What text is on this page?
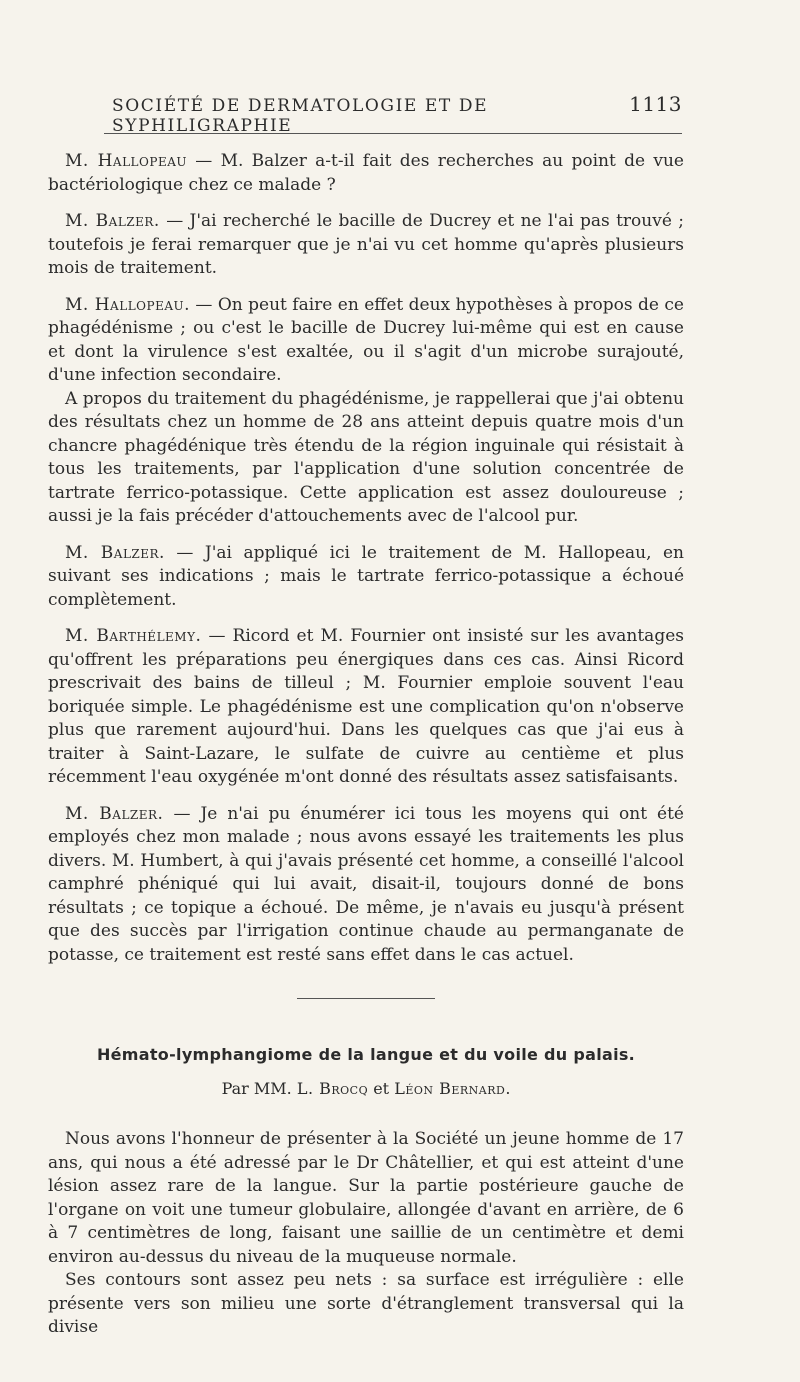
SOCIÉTÉ DE DERMATOLOGIE ET DE SYPHILIGRAPHIE
1113

M. Hallopeau — M. Balzer a-t-il fait des recherches au point de vue bactériologique chez ce malade ?

M. Balzer. — J'ai recherché le bacille de Ducrey et ne l'ai pas trouvé ; toutefois je ferai remarquer que je n'ai vu cet homme qu'après plusieurs mois de traitement.

M. Hallopeau. — On peut faire en effet deux hypothèses à propos de ce phagédénisme ; ou c'est le bacille de Ducrey lui-même qui est en cause et dont la virulence s'est exaltée, ou il s'agit d'un microbe surajouté, d'une infection secondaire.

A propos du traitement du phagédénisme, je rappellerai que j'ai obtenu des résultats chez un homme de 28 ans atteint depuis quatre mois d'un chancre phagédénique très étendu de la région inguinale qui résistait à tous les traitements, par l'application d'une solution concentrée de tartrate ferrico-potassique. Cette application est assez douloureuse ; aussi je la fais précéder d'attouchements avec de l'alcool pur.

M. Balzer. — J'ai appliqué ici le traitement de M. Hallopeau, en suivant ses indications ; mais le tartrate ferrico-potassique a échoué complètement.

M. Barthélemy. — Ricord et M. Fournier ont insisté sur les avantages qu'offrent les préparations peu énergiques dans ces cas. Ainsi Ricord prescrivait des bains de tilleul ; M. Fournier emploie souvent l'eau boriquée simple. Le phagédénisme est une complication qu'on n'observe plus que rarement aujourd'hui. Dans les quelques cas que j'ai eus à traiter à Saint-Lazare, le sulfate de cuivre au centième et plus récemment l'eau oxygénée m'ont donné des résultats assez satisfaisants.

M. Balzer. — Je n'ai pu énumérer ici tous les moyens qui ont été employés chez mon malade ; nous avons essayé les traitements les plus divers. M. Humbert, à qui j'avais présenté cet homme, a conseillé l'alcool camphré phéniqué qui lui avait, disait-il, toujours donné de bons résultats ; ce topique a échoué. De même, je n'avais eu jusqu'à présent que des succès par l'irrigation continue chaude au permanganate de potasse, ce traitement est resté sans effet dans le cas actuel.

Hémato-lymphangiome de la langue et du voile du palais.
Par MM. L. Brocq et Léon Bernard.

Nous avons l'honneur de présenter à la Société un jeune homme de 17 ans, qui nous a été adressé par le Dr Châtellier, et qui est atteint d'une lésion assez rare de la langue. Sur la partie postérieure gauche de l'organe on voit une tumeur globulaire, allongée d'avant en arrière, de 6 à 7 centimètres de long, faisant une saillie de un centimètre et demi environ au-dessus du niveau de la muqueuse normale.

Ses contours sont assez peu nets : sa surface est irrégulière : elle présente vers son milieu une sorte d'étranglement transversal qui la divise
